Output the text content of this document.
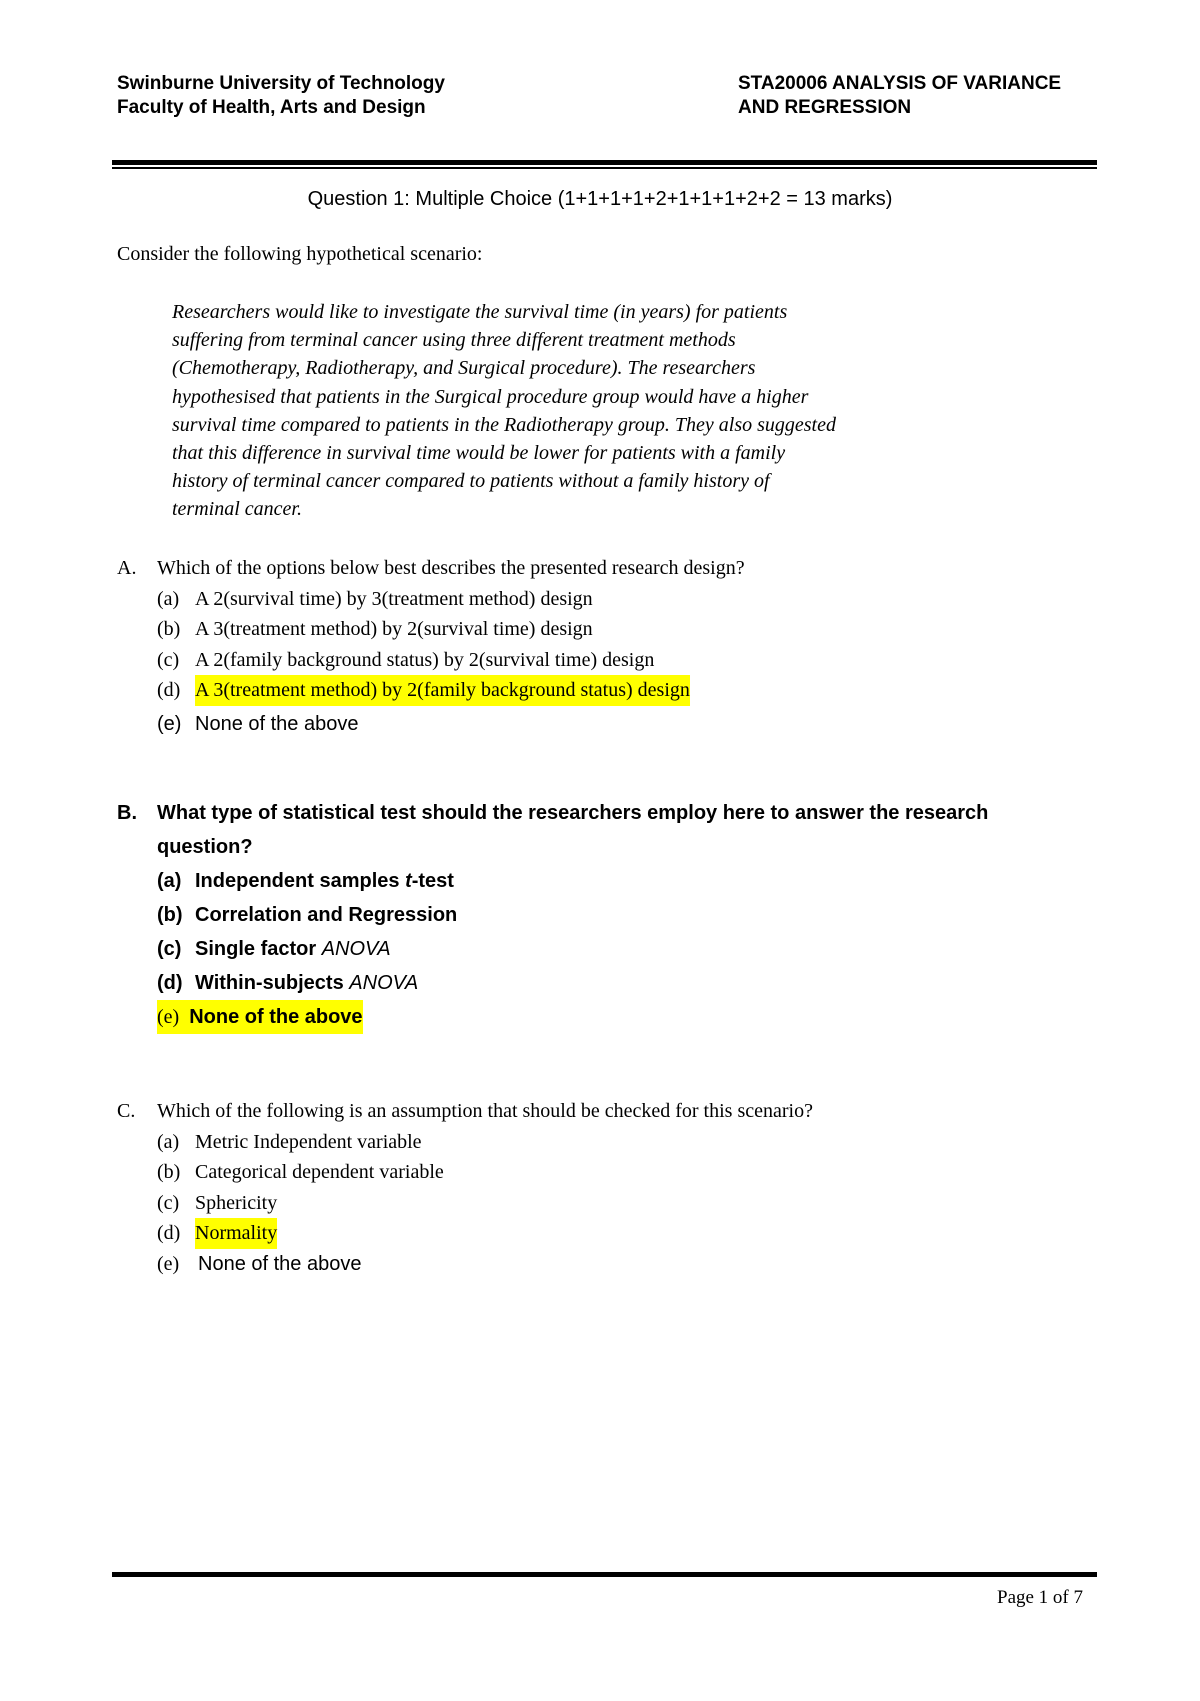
Swinburne University of Technology
Faculty of Health, Arts and Design
STA20006 ANALYSIS OF VARIANCE
AND REGRESSION
Question 1: Multiple Choice (1+1+1+1+2+1+1+1+2+2 = 13 marks)
Consider the following hypothetical scenario:
Researchers would like to investigate the survival time (in years) for patients
suffering from terminal cancer using three different treatment methods
(Chemotherapy, Radiotherapy, and Surgical procedure). The researchers
hypothesised that patients in the Surgical procedure group would have a higher
survival time compared to patients in the Radiotherapy group. They also suggested
that this difference in survival time would be lower for patients with a family
history of terminal cancer compared to patients without a family history of
terminal cancer.
A.	Which of the options below best describes the presented research design?
(a) A 2(survival time) by 3(treatment method) design
(b) A 3(treatment method) by 2(survival time) design
(c) A 2(family background status) by 2(survival time) design
(d) A 3(treatment method) by 2(family background status) design
(e) None of the above
B.	What type of statistical test should the researchers employ here to answer the research
question?
(a) Independent samples t-test
(b) Correlation and Regression
(c) Single factor ANOVA
(d) Within-subjects ANOVA
(e) None of the above
C.	Which of the following is an assumption that should be checked for this scenario?
(a) Metric Independent variable
(b) Categorical dependent variable
(c) Sphericity
(d) Normality
(e) None of the above
Page 1 of 7
